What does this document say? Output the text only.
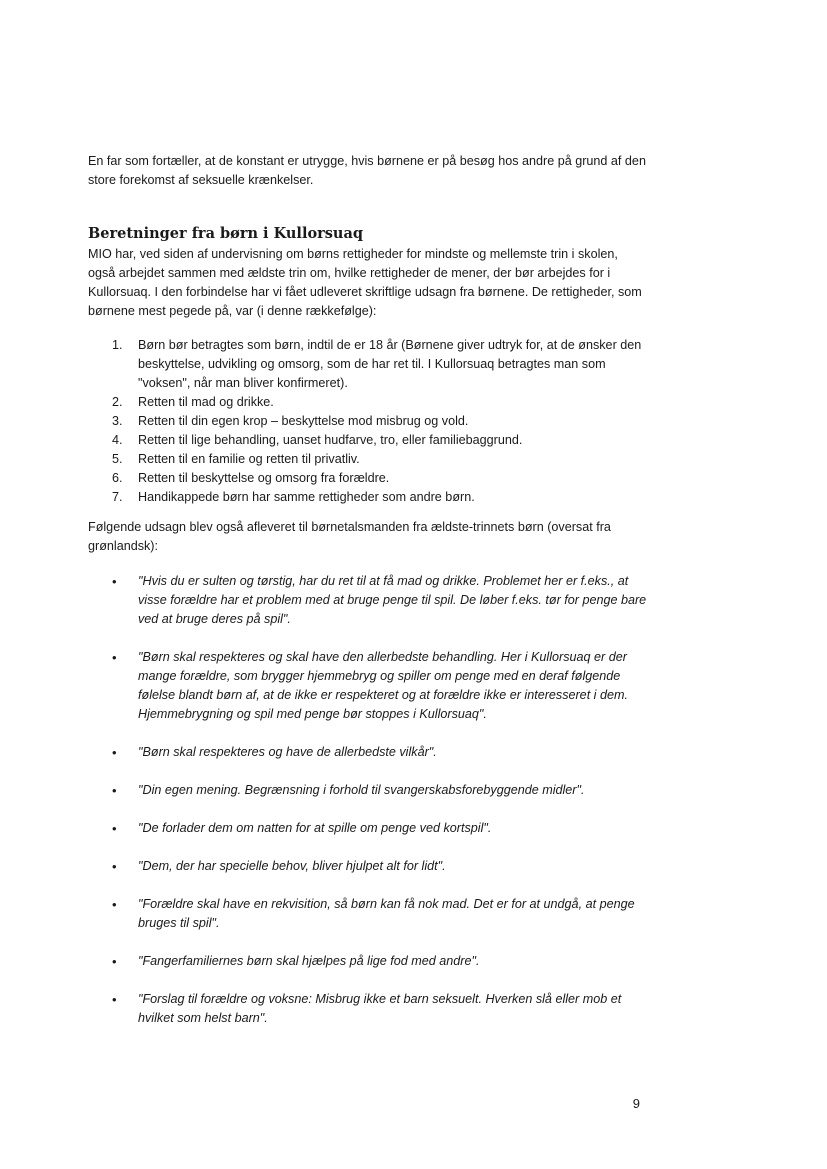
En far som fortæller, at de konstant er utrygge, hvis børnene er på besøg hos andre på grund af den store forekomst af seksuelle krænkelser.

Beretninger fra børn i Kullorsuaq

MIO har, ved siden af undervisning om børns rettigheder for mindste og mellemste trin i skolen, også arbejdet sammen med ældste trin om, hvilke rettigheder de mener, der bør arbejdes for i Kullorsuaq. I den forbindelse har vi fået udleveret skriftlige udsagn fra børnene. De rettigheder, som børnene mest pegede på, var (i denne rækkefølge):

1. Børn bør betragtes som børn, indtil de er 18 år (Børnene giver udtryk for, at de ønsker den beskyttelse, udvikling og omsorg, som de har ret til. I Kullorsuaq betragtes man som "voksen", når man bliver konfirmeret).
2. Retten til mad og drikke.
3. Retten til din egen krop – beskyttelse mod misbrug og vold.
4. Retten til lige behandling, uanset hudfarve, tro, eller familiebaggrund.
5. Retten til en familie og retten til privatliv.
6. Retten til beskyttelse og omsorg fra forældre.
7. Handikappede børn har samme rettigheder som andre børn.

Følgende udsagn blev også afleveret til børnetalsmanden fra ældste-trinnets børn (oversat fra grønlandsk):

• "Hvis du er sulten og tørstig, har du ret til at få mad og drikke. Problemet her er f.eks., at visse forældre har et problem med at bruge penge til spil. De løber f.eks. tør for penge bare ved at bruge deres på spil".
• "Børn skal respekteres og skal have den allerbedste behandling. Her i Kullorsuaq er der mange forældre, som brygger hjemmebryg og spiller om penge med en deraf følgende følelse blandt børn af, at de ikke er respekteret og at forældre ikke er interesseret i dem. Hjemmebrygning og spil med penge bør stoppes i Kullorsuaq".
• "Børn skal respekteres og have de allerbedste vilkår".
• "Din egen mening. Begrænsning i forhold til svangerskabsforebyggende midler".
• "De forlader dem om natten for at spille om penge ved kortspil".
• "Dem, der har specielle behov, bliver hjulpet alt for lidt".
• "Forældre skal have en rekvisition, så børn kan få nok mad. Det er for at undgå, at penge bruges til spil".
• "Fangerfamiliernes børn skal hjælpes på lige fod med andre".
• "Forslag til forældre og voksne: Misbrug ikke et barn seksuelt. Hverken slå eller mob et hvilket som helst barn".
9
